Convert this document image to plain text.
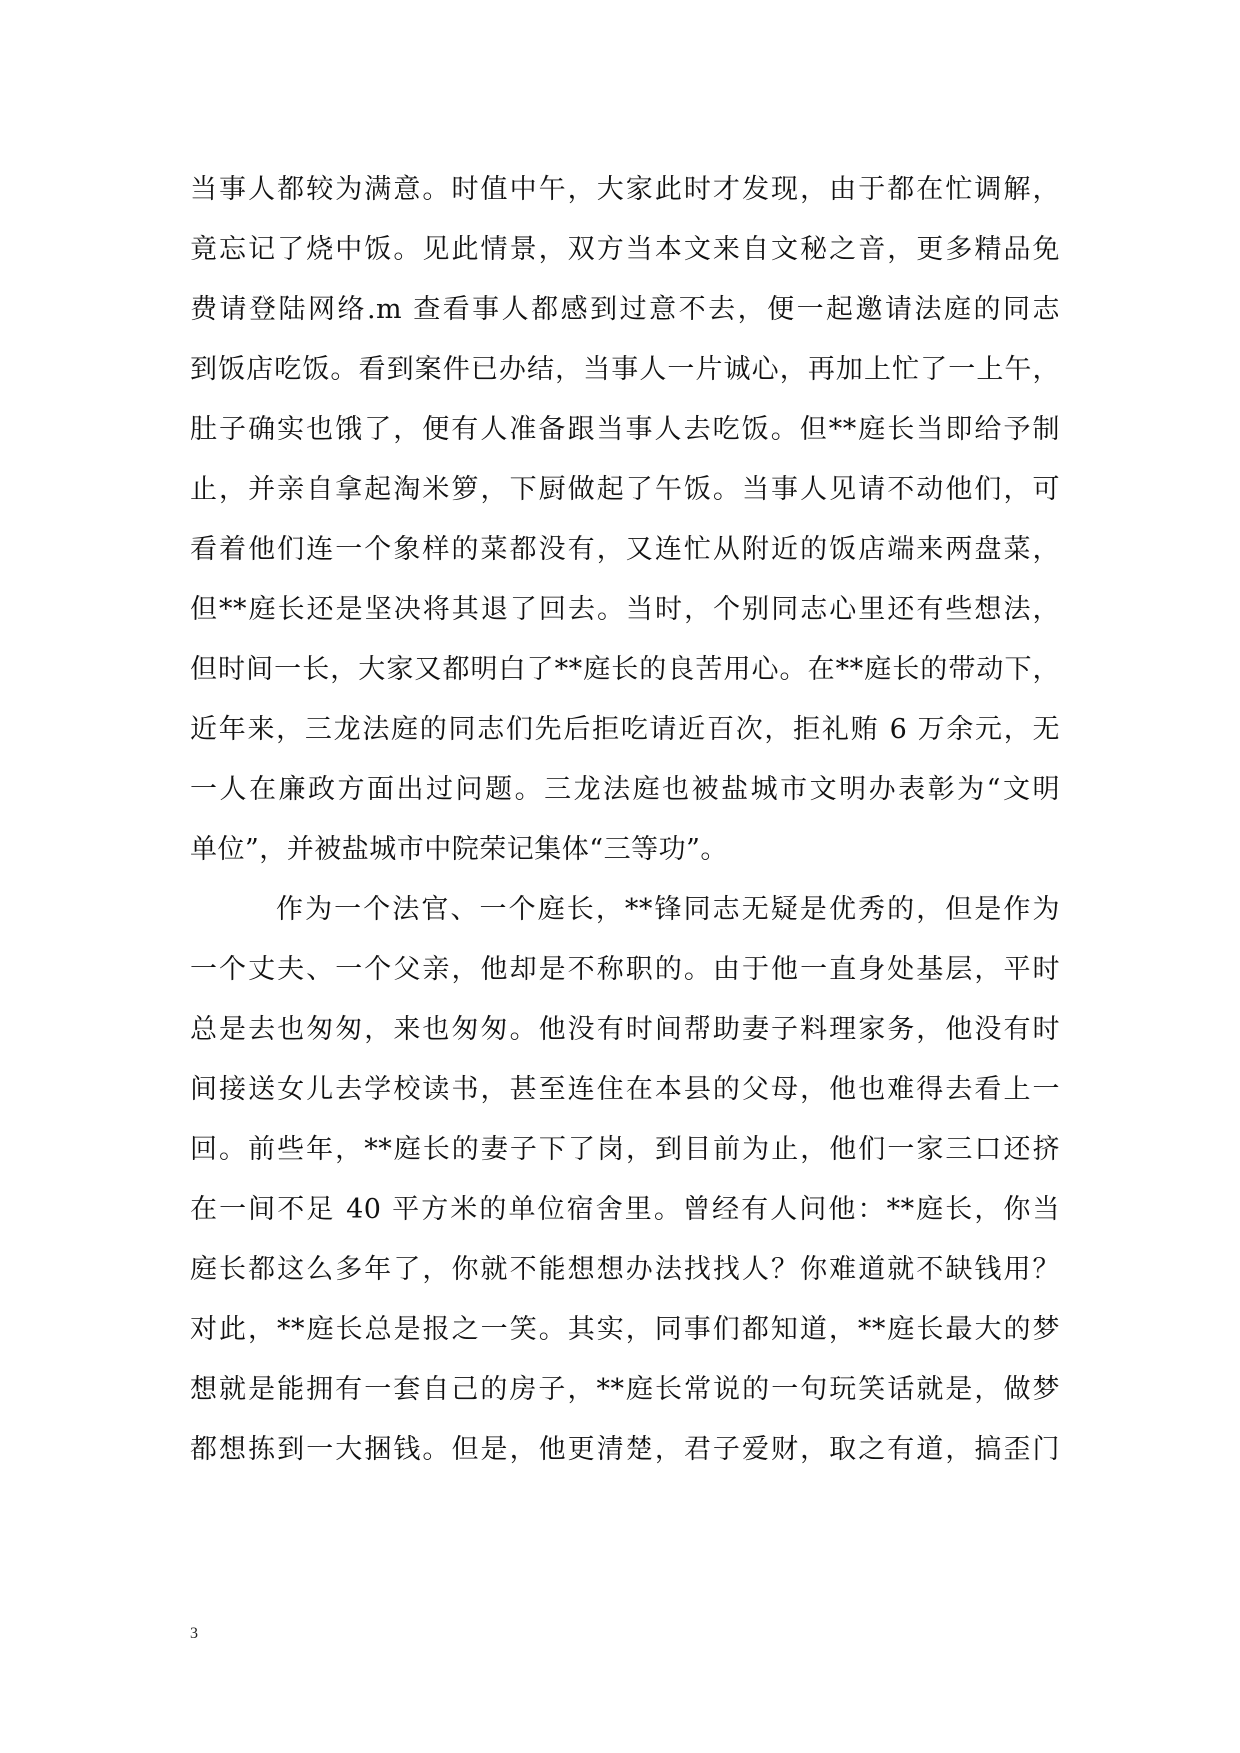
当事人都较为满意。时值中午，大家此时才发现，由于都在忙调解，
竟忘记了烧中饭。见此情景，双方当本文来自文秘之音，更多精品免
费请登陆网络.m 查看事人都感到过意不去，便一起邀请法庭的同志
到饭店吃饭。看到案件已办结，当事人一片诚心，再加上忙了一上午，
肚子确实也饿了，便有人准备跟当事人去吃饭。但**庭长当即给予制
止，并亲自拿起淘米箩，下厨做起了午饭。当事人见请不动他们，可
看着他们连一个象样的菜都没有，又连忙从附近的饭店端来两盘菜，
但**庭长还是坚决将其退了回去。当时，个别同志心里还有些想法，
但时间一长，大家又都明白了**庭长的良苦用心。在**庭长的带动下，
近年来，三龙法庭的同志们先后拒吃请近百次，拒礼贿 6 万余元，无
一人在廉政方面出过问题。三龙法庭也被盐城市文明办表彰为“文明
单位”，并被盐城市中院荣记集体“三等功”。
作为一个法官、一个庭长，**锋同志无疑是优秀的，但是作为
一个丈夫、一个父亲，他却是不称职的。由于他一直身处基层，平时
总是去也匆匆，来也匆匆。他没有时间帮助妻子料理家务，他没有时
间接送女儿去学校读书，甚至连住在本县的父母，他也难得去看上一
回。前些年，**庭长的妻子下了岗，到目前为止，他们一家三口还挤
在一间不足 40 平方米的单位宿舍里。曾经有人问他：**庭长，你当
庭长都这么多年了，你就不能想想办法找找人？你难道就不缺钱用？
对此，**庭长总是报之一笑。其实，同事们都知道，**庭长最大的梦
想就是能拥有一套自己的房子，**庭长常说的一句玩笑话就是，做梦
都想拣到一大捆钱。但是，他更清楚，君子爱财，取之有道，搞歪门
3
